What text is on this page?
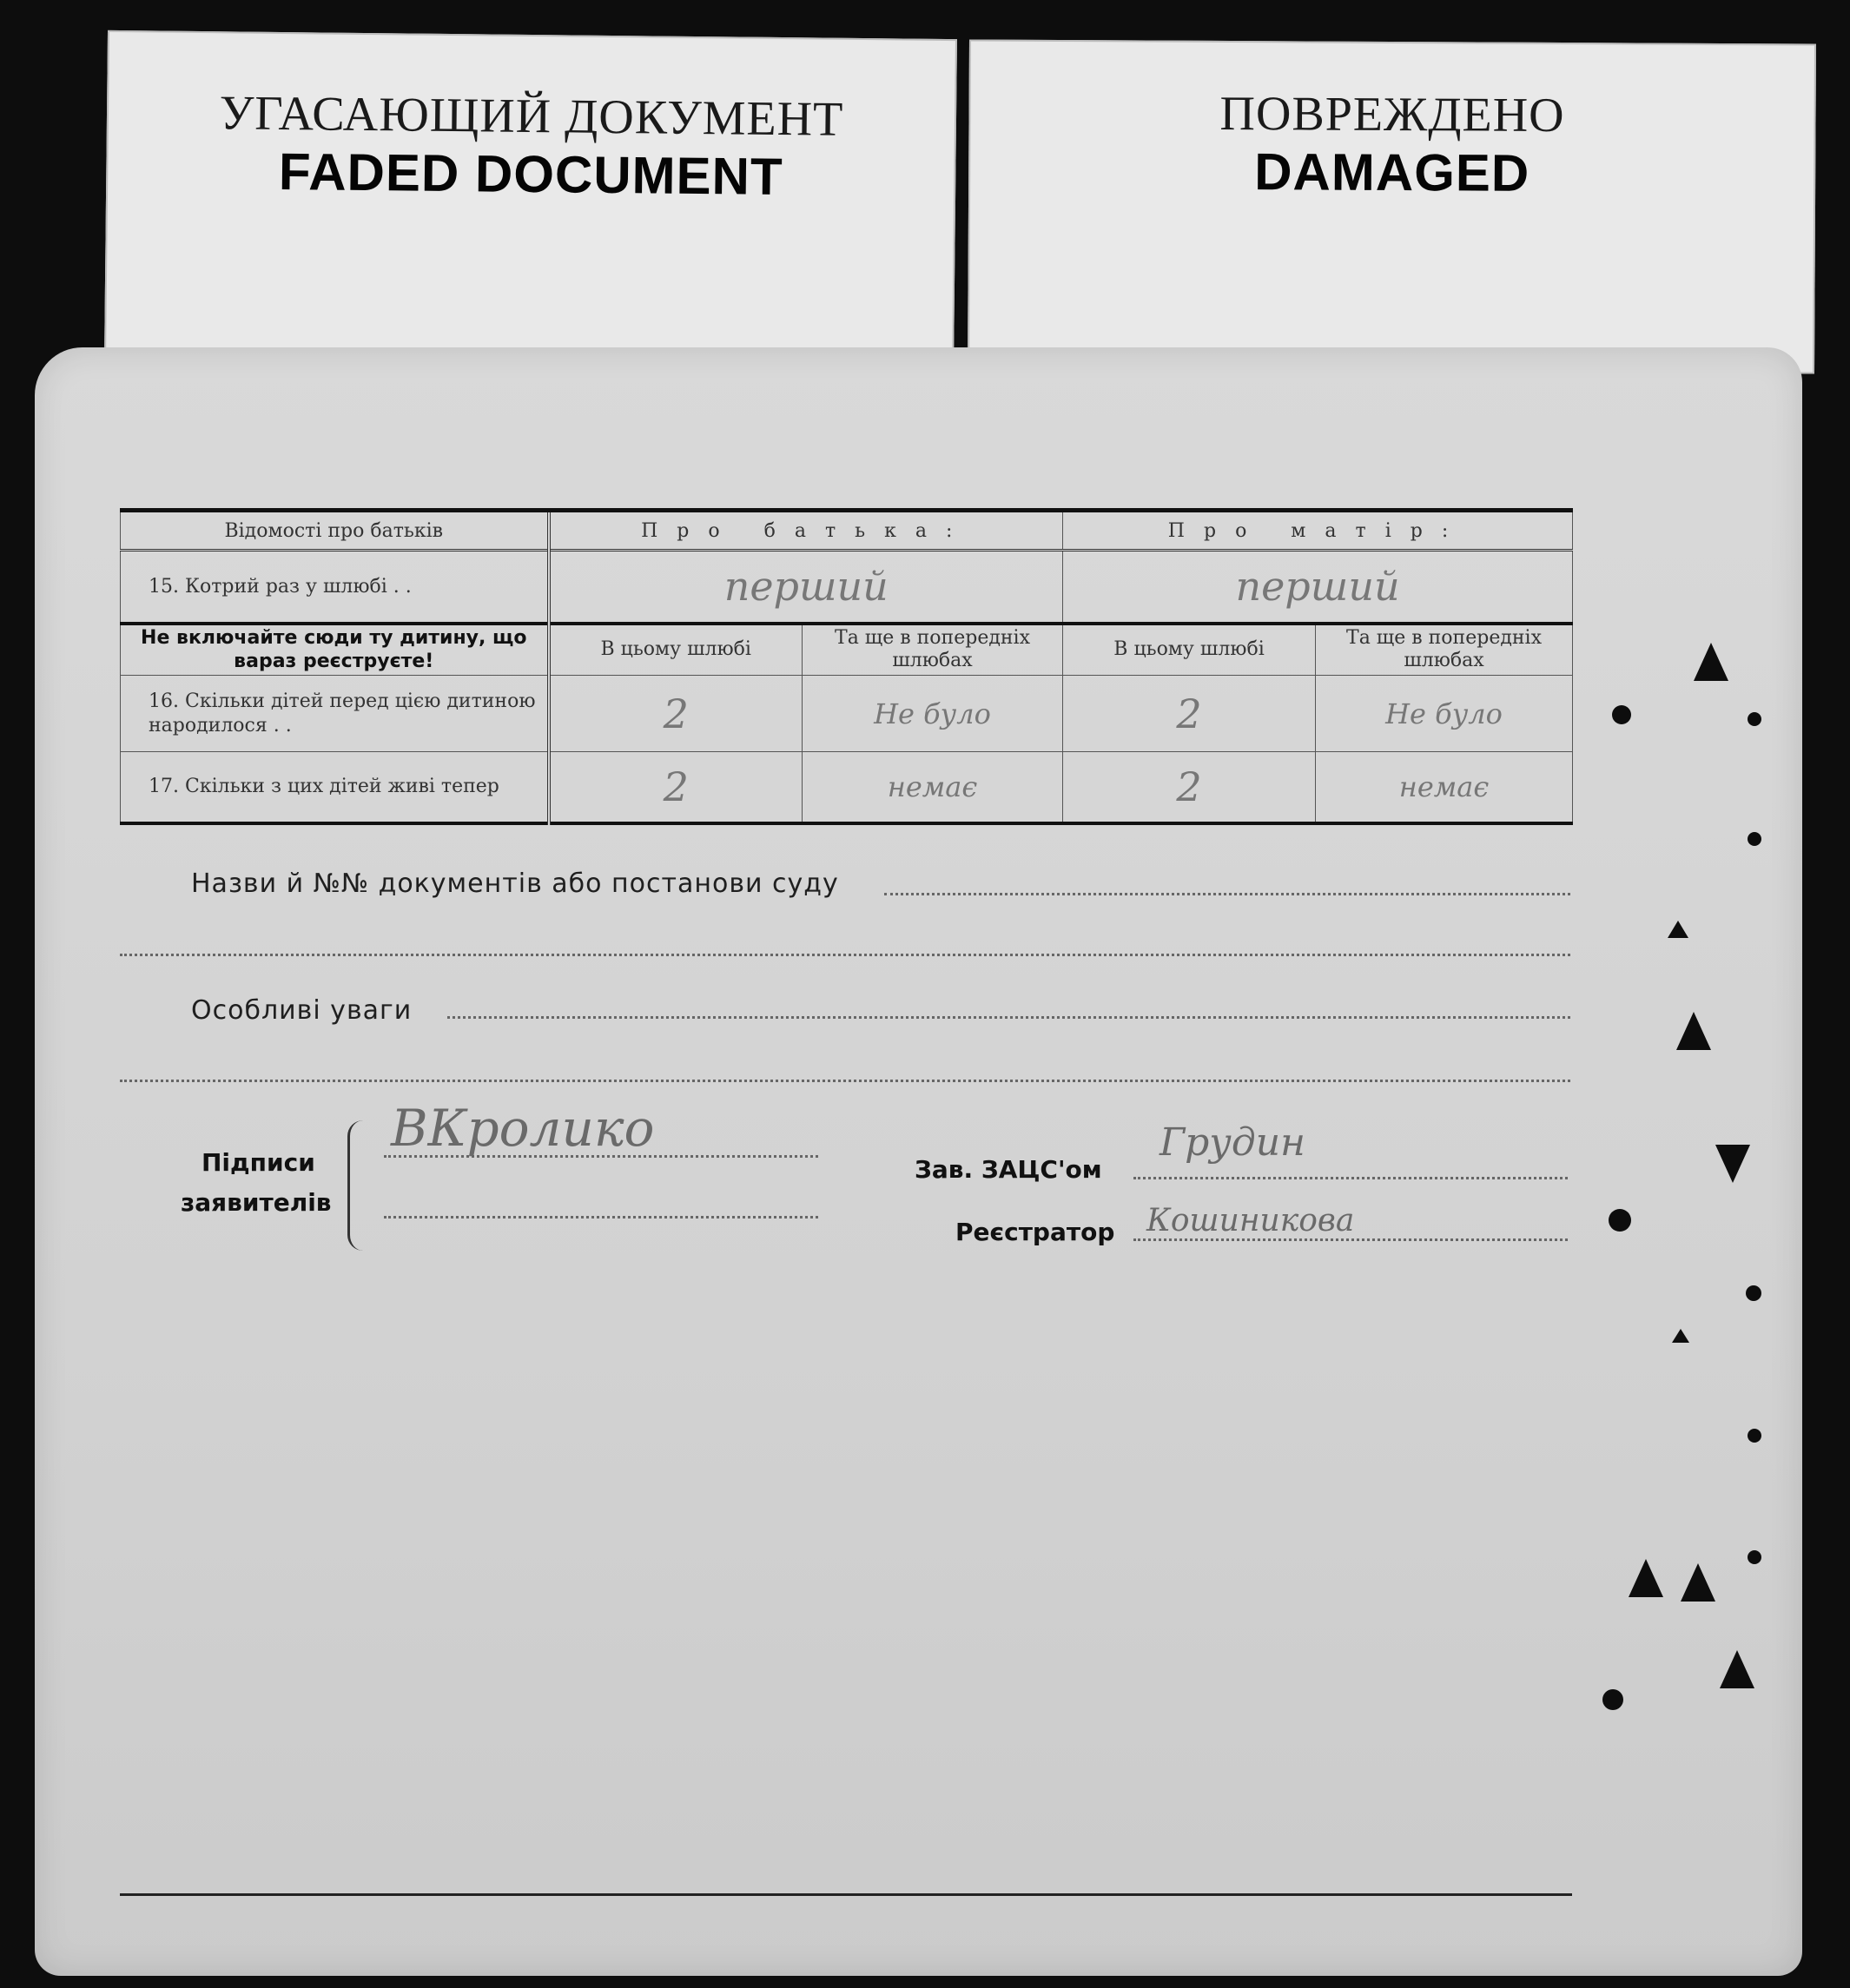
УГАСАЮЩИЙ ДОКУМЕНТ
FADED DOCUMENT
ПОВРЕЖДЕНО
DAMAGED
Відомості про батьків	Про батька:		Про матір:	
15. Котрий раз у шлюбі . .	перший		перший	

Не включайте сюди ту дитину, що вараз реєструєте!	В цьому шлюбі	Та ще в попередніх шлюбах	В цьому шлюбі	Та ще в попередніх шлюбах
16. Скільки дітей перед цією дитиною народилося . .	2	Не було	2	Не було

17. Скільки з цих дітей живі тепер	2	немає	2	немає
Назви й №№ документів або постанови суду
Особливі уваги
Підписи
заявителів
ВКролико
Зав. ЗАЦС'ом
Грудин
Реєстратор Кошиникова
